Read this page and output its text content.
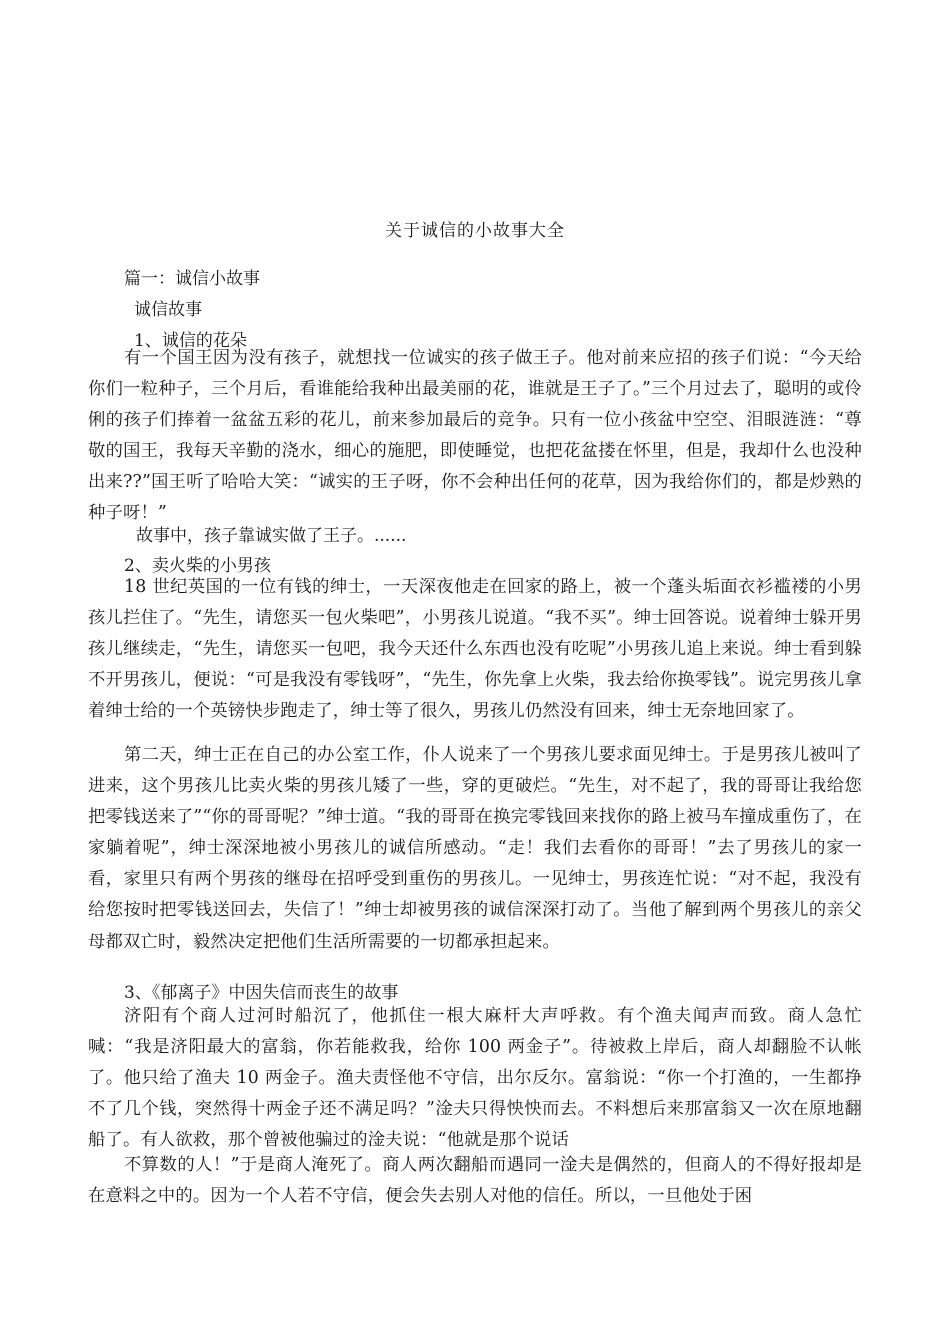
关于诚信的小故事大全
篇一：诚信小故事
诚信故事
1、诚信的花朵
有一个国王因为没有孩子，就想找一位诚实的孩子做王子。他对前来应招的孩子们说：“今天给你们一粒种子，三个月后，看谁能给我种出最美丽的花，谁就是王子了。”三个月过去了，聪明的或伶俐的孩子们捧着一盆盆五彩的花儿，前来参加最后的竞争。只有一位小孩盆中空空、泪眼涟涟：“尊敬的国王，我每天辛勤的浇水，细心的施肥，即使睡觉，也把花盆搂在怀里，但是，我却什么也没种出来??”国王听了哈哈大笑：“诚实的王子呀，你不会种出任何的花草，因为我给你们的，都是炒熟的种子呀！”
故事中，孩子靠诚实做了王子。......
2、卖火柴的小男孩
18 世纪英国的一位有钱的绅士，一天深夜他走在回家的路上，被一个蓬头垢面衣衫褴褛的小男孩儿拦住了。“先生，请您买一包火柴吧”，小男孩儿说道。“我不买”。绅士回答说。说着绅士躲开男孩儿继续走，“先生，请您买一包吧，我今天还什么东西也没有吃呢”小男孩儿追上来说。绅士看到躲不开男孩儿，便说：“可是我没有零钱呀”，“先生，你先拿上火柴，我去给你换零钱”。说完男孩儿拿着绅士给的一个英镑快步跑走了，绅士等了很久，男孩儿仍然没有回来，绅士无奈地回家了。
第二天，绅士正在自己的办公室工作，仆人说来了一个男孩儿要求面见绅士。于是男孩儿被叫了进来，这个男孩儿比卖火柴的男孩儿矮了一些，穿的更破烂。“先生，对不起了，我的哥哥让我给您把零钱送来了”“你的哥哥呢？”绅士道。“我的哥哥在换完零钱回来找你的路上被马车撞成重伤了，在家躺着呢”，绅士深深地被小男孩儿的诚信所感动。“走！我们去看你的哥哥！”去了男孩儿的家一看，家里只有两个男孩的继母在招呼受到重伤的男孩儿。一见绅士，男孩连忙说：“对不起，我没有给您按时把零钱送回去，失信了！”绅士却被男孩的诚信深深打动了。当他了解到两个男孩儿的亲父母都双亡时，毅然决定把他们生活所需要的一切都承担起来。
3、《郁离子》中因失信而丧生的故事
济阳有个商人过河时船沉了，他抓住一根大麻杆大声呼救。有个渔夫闻声而致。商人急忙喊：“我是济阳最大的富翁，你若能救我，给你 100 两金子”。待被救上岸后，商人却翻脸不认帐了。他只给了渔夫 10 两金子。渔夫责怪他不守信，出尔反尔。富翁说：“你一个打渔的，一生都挣不了几个钱，突然得十两金子还不满足吗？”淦夫只得怏怏而去。不料想后来那富翁又一次在原地翻船了。有人欲救，那个曾被他骗过的淦夫说：“他就是那个说话
不算数的人！”于是商人淹死了。商人两次翻船而遇同一淦夫是偶然的，但商人的不得好报却是在意料之中的。因为一个人若不守信，便会失去别人对他的信任。所以，一旦他处于困
